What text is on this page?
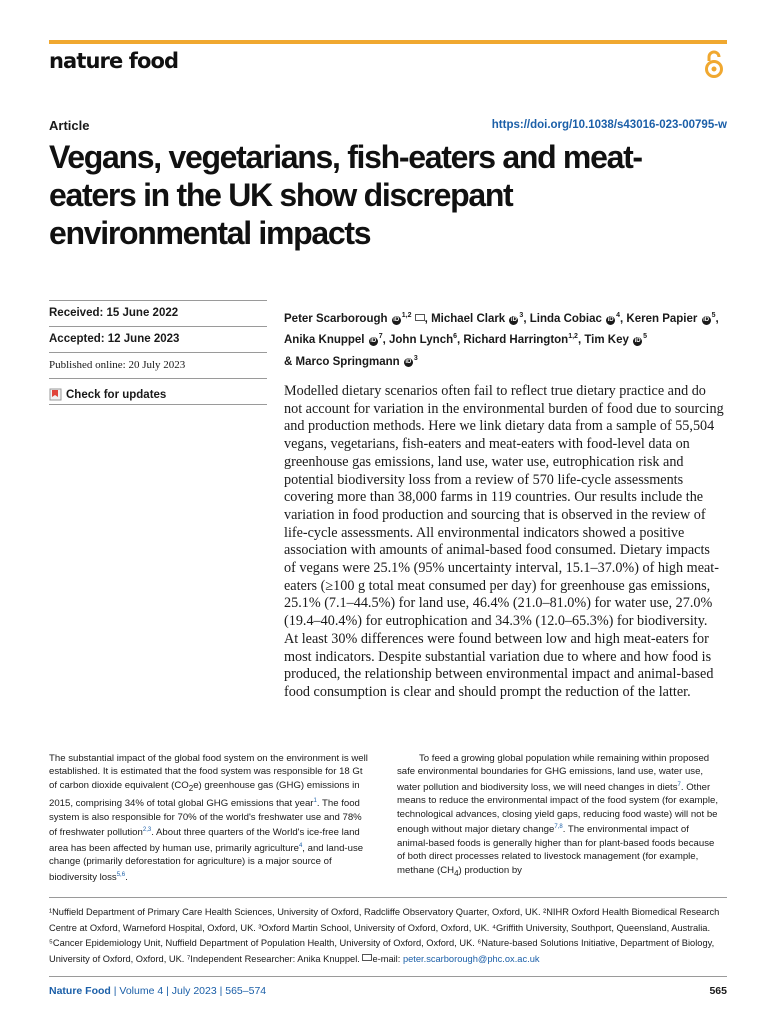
nature food
Article	https://doi.org/10.1038/s43016-023-00795-w
Vegans, vegetarians, fish-eaters and meat-eaters in the UK show discrepant environmental impacts
Received: 15 June 2022
Accepted: 12 June 2023
Published online: 20 July 2023
Check for updates
Peter Scarborough iD$^{1,2}$ , Michael Clark iD$^3$, Linda Cobiac iD$^4$, Keren Papier iD$^5$, Anika Knuppel iD$^7$, John Lynch$^6$, Richard Harrington$^{1,2}$, Tim Key iD$^5$
& Marco Springmann iD$^3$

Modelled dietary scenarios often fail to reflect true dietary practice and do not account for variation in the environmental burden of food due to sourcing and production methods. Here we link dietary data from a sample of 55,504 vegans, vegetarians, fish-eaters and meat-eaters with food-level data on greenhouse gas emissions, land use, water use, eutrophication risk and potential biodiversity loss from a review of 570 life-cycle assessments covering more than 38,000 farms in 119 countries. Our results include the variation in food production and sourcing that is observed in the review of life-cycle assessments. All environmental indicators showed a positive association with amounts of animal-based food consumed. Dietary impacts of vegans were 25.1% (95% uncertainty interval, 15.1–37.0%) of high meat-eaters (≥100 g total meat consumed per day) for greenhouse gas emissions, 25.1% (7.1–44.5%) for land use, 46.4% (21.0–81.0%) for water use, 27.0% (19.4–40.4%) for eutrophication and 34.3% (12.0–65.3%) for biodiversity. At least 30% differences were found between low and high meat-eaters for most indicators. Despite substantial variation due to where and how food is produced, the relationship between environmental impact and animal-based food consumption is clear and should prompt the reduction of the latter.

The substantial impact of the global food system on the environment is well established. It is estimated that the food system was responsible for 18 Gt of carbon dioxide equivalent $(CO_2e)$ greenhouse gas (GHG) emissions in 2015, comprising 34% of total global GHG emissions that year$^1$. The food system is also responsible for 70% of the world's freshwater use and 78% of freshwater pollution$^{2,3}$. About three quarters of the World's ice-free land area has been affected by human use, primarily agriculture$^4$, and land-use change (primarily deforestation for agriculture) is a major source of biodiversity loss$^{5,6}$.
To feed a growing global population while remaining within proposed safe environmental boundaries for GHG emissions, land use, water use, water pollution and biodiversity loss, we will need changes in diets$^7$. Other means to reduce the environmental impact of the food system (for example, technological advances, closing yield gaps, reducing food waste) will not be enough without major dietary change$^{7,8}$. The environmental impact of animal-based foods is generally higher than for plant-based foods because of both direct processes related to livestock management (for example, methane $(CH_4)$ production by
¹Nuffield Department of Primary Care Health Sciences, University of Oxford, Radcliffe Observatory Quarter, Oxford, UK. ²NIHR Oxford Health Biomedical Research Centre at Oxford, Warneford Hospital, Oxford, UK. ³Oxford Martin School, University of Oxford, Oxford, UK. ⁴Griffith University, Southport, Queensland, Australia. ⁵Cancer Epidemiology Unit, Nuffield Department of Population Health, University of Oxford, Oxford, UK. ⁶Nature-based Solutions Initiative, Department of Biology, University of Oxford, Oxford, UK. ⁷Independent Researcher: Anika Knuppel. e-mail: peter.scarborough@phc.ox.ac.uk
Nature Food | Volume 4 | July 2023 | 565–574	565
